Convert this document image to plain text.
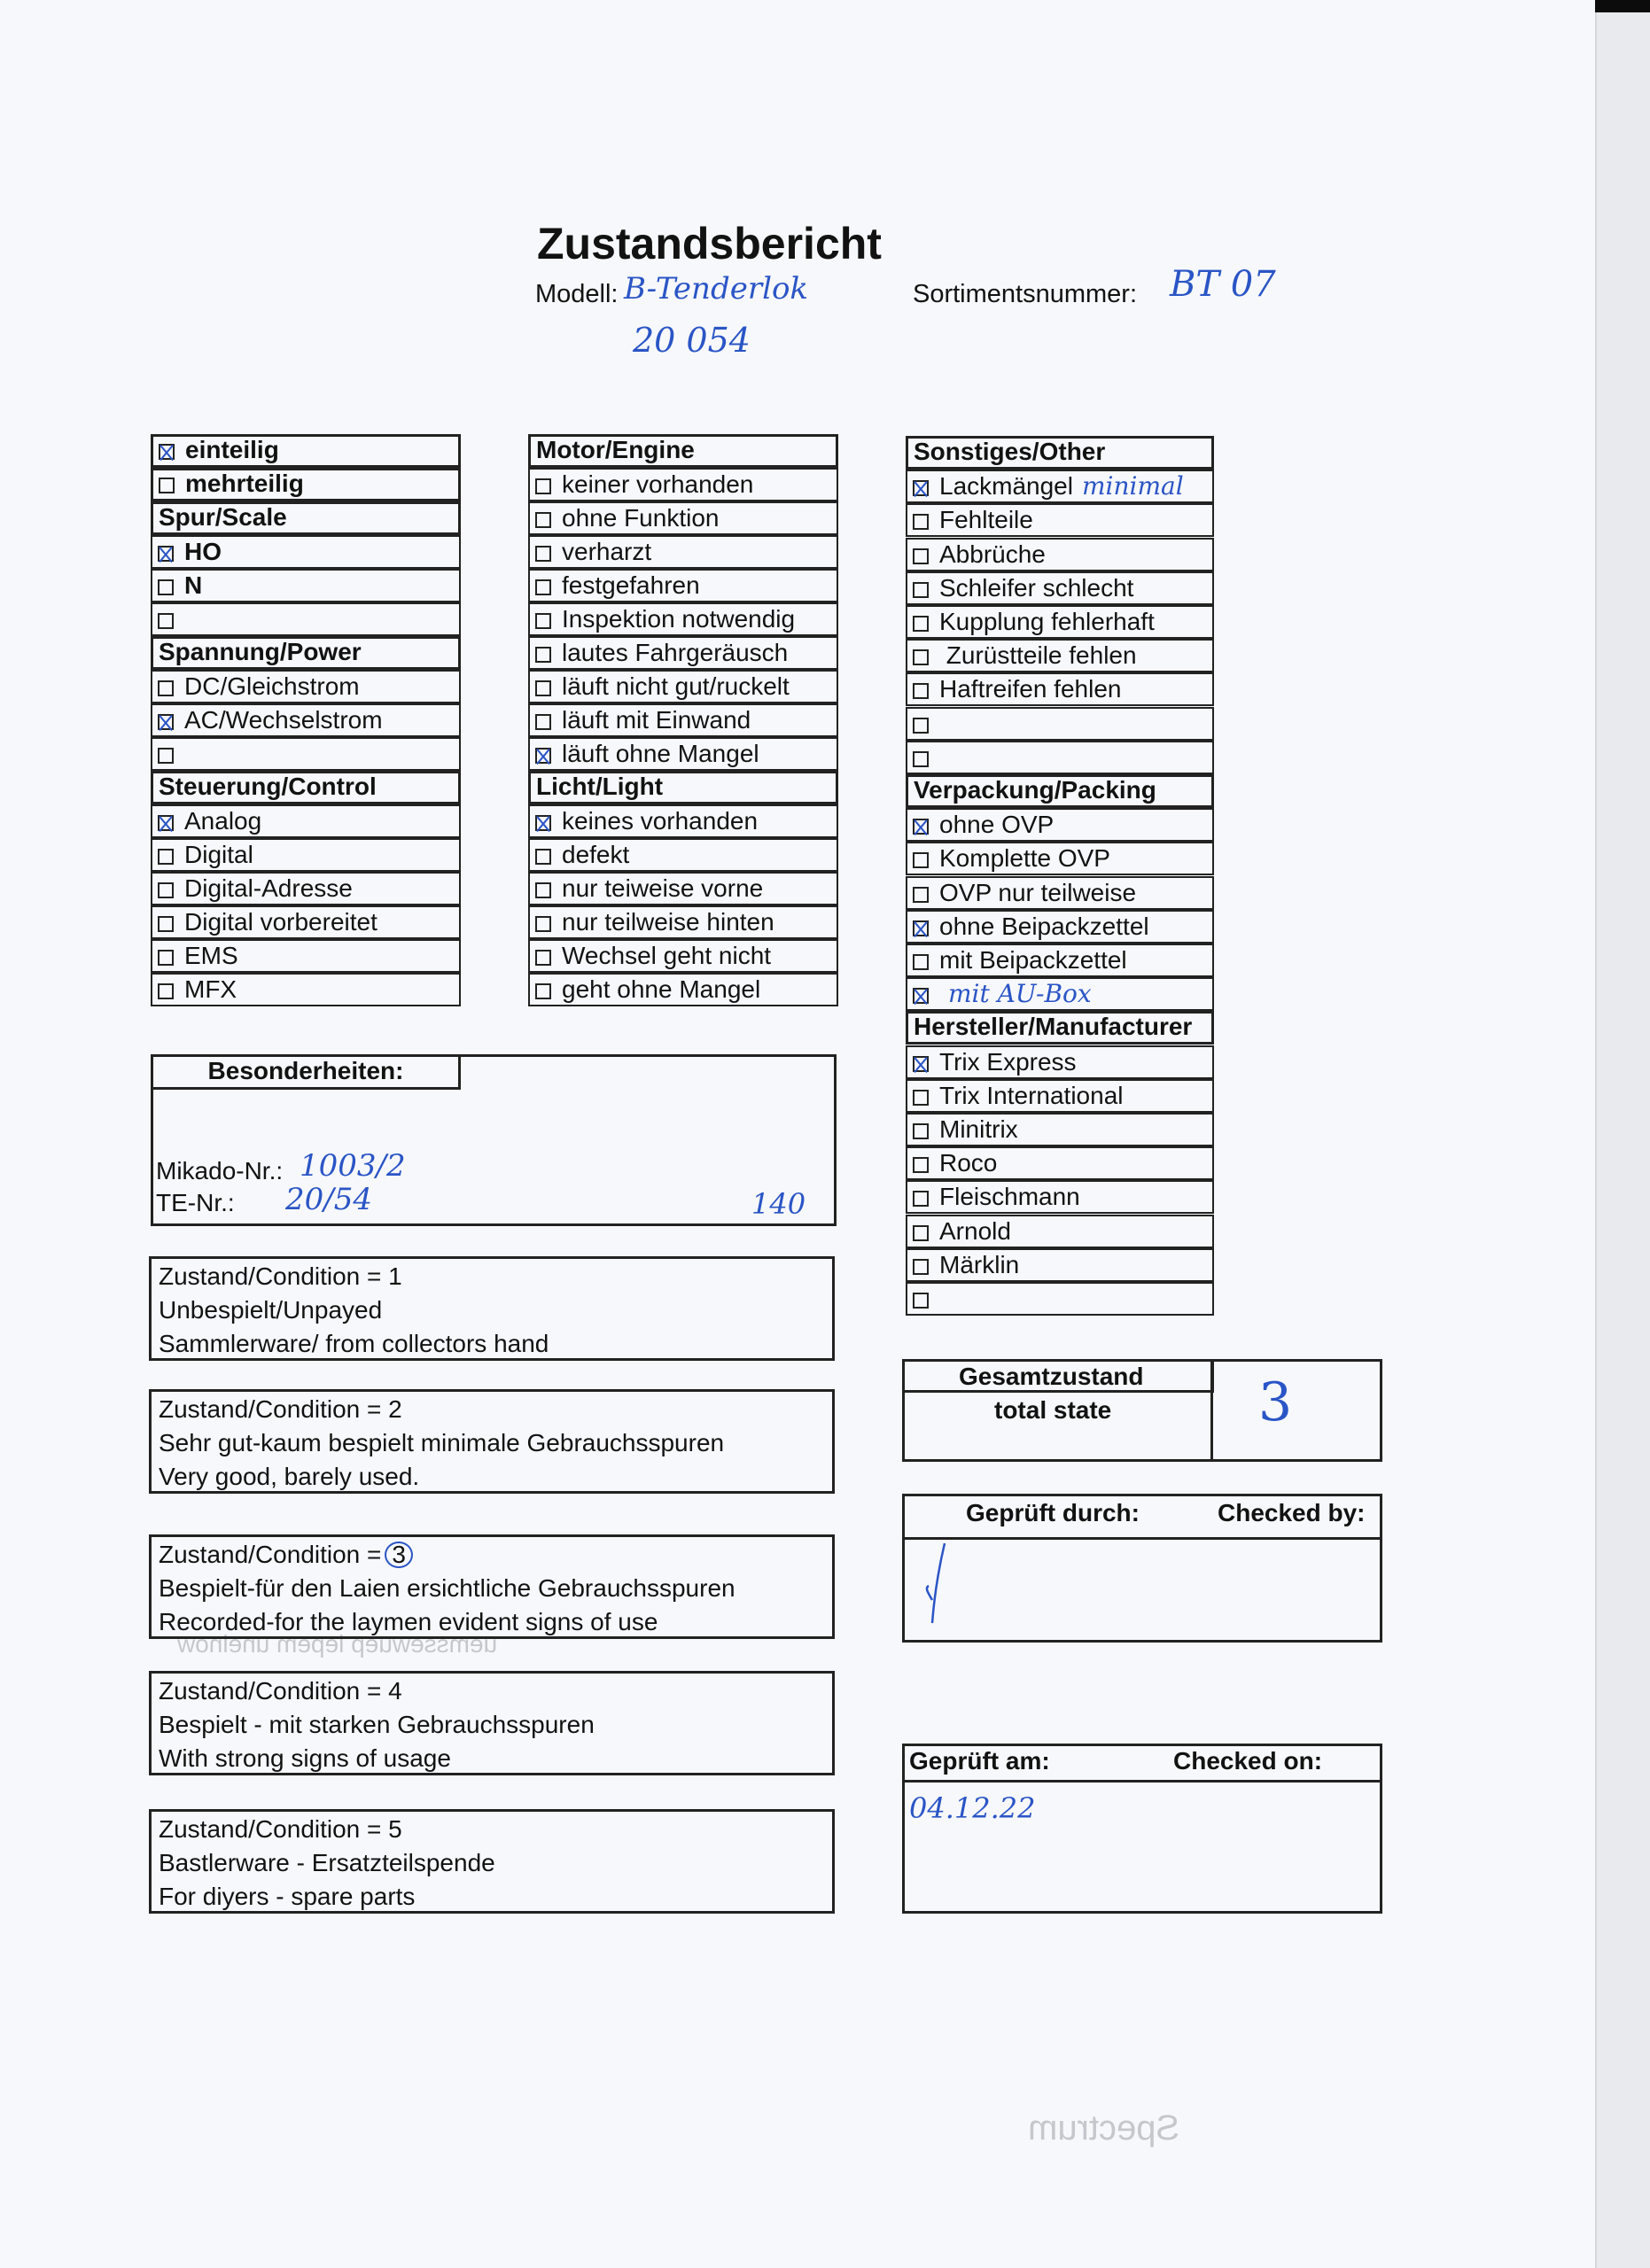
uemssewuep lepem unelnow
Spectrum
Zustandsbericht
Modell: B-Tenderlok
20 054
Sortimentsnummer: BT 07
einteilig
mehrteilig
Spur/Scale
HO
N
Spannung/Power
DC/Gleichstrom
AC/Wechselstrom
Steuerung/Control
Analog
Digital
Digital-Adresse
Digital vorbereitet
EMS
MFX
Motor/Engine
keiner vorhanden
ohne Funktion
verharzt
festgefahren
Inspektion notwendig
lautes Fahrgeräusch
läuft nicht gut/ruckelt
läuft mit Einwand
läuft ohne Mangel
Licht/Light
keines vorhanden
defekt
nur teiweise vorne
nur teilweise hinten
Wechsel geht nicht
geht ohne Mangel
Sonstiges/Other
Lackmängel minimal
Fehlteile
Abbrüche
Schleifer schlecht
Kupplung fehlerhaft
Zurüstteile fehlen
Haftreifen fehlen
Verpackung/Packing
ohne OVP
Komplette OVP
OVP nur teilweise
ohne Beipackzettel
mit Beipackzettel
mit AU-Box
Hersteller/Manufacturer
Trix Express
Trix International
Minitrix
Roco
Fleischmann
Arnold
Märklin
Besonderheiten:
Mikado-Nr.: 1003/2
TE-Nr.: 20/54	140
Zustand/Condition = 1
Unbespielt/Unpayed
Sammlerware/ from collectors hand
Zustand/Condition = 2
Sehr gut-kaum bespielt minimale Gebrauchsspuren
Very good, barely used.
Zustand/Condition = 3
Bespielt-für den Laien ersichtliche Gebrauchsspuren
Recorded-for the laymen evident signs of use
Zustand/Condition = 4
Bespielt - mit starken Gebrauchsspuren
With strong signs of usage
Zustand/Condition = 5
Bastlerware - Ersatzteilspende
For diyers - spare parts
Gesamtzustand
total state	3
Geprüft durch:	Checked by:
Geprüft am:	Checked on:
04.12.22
